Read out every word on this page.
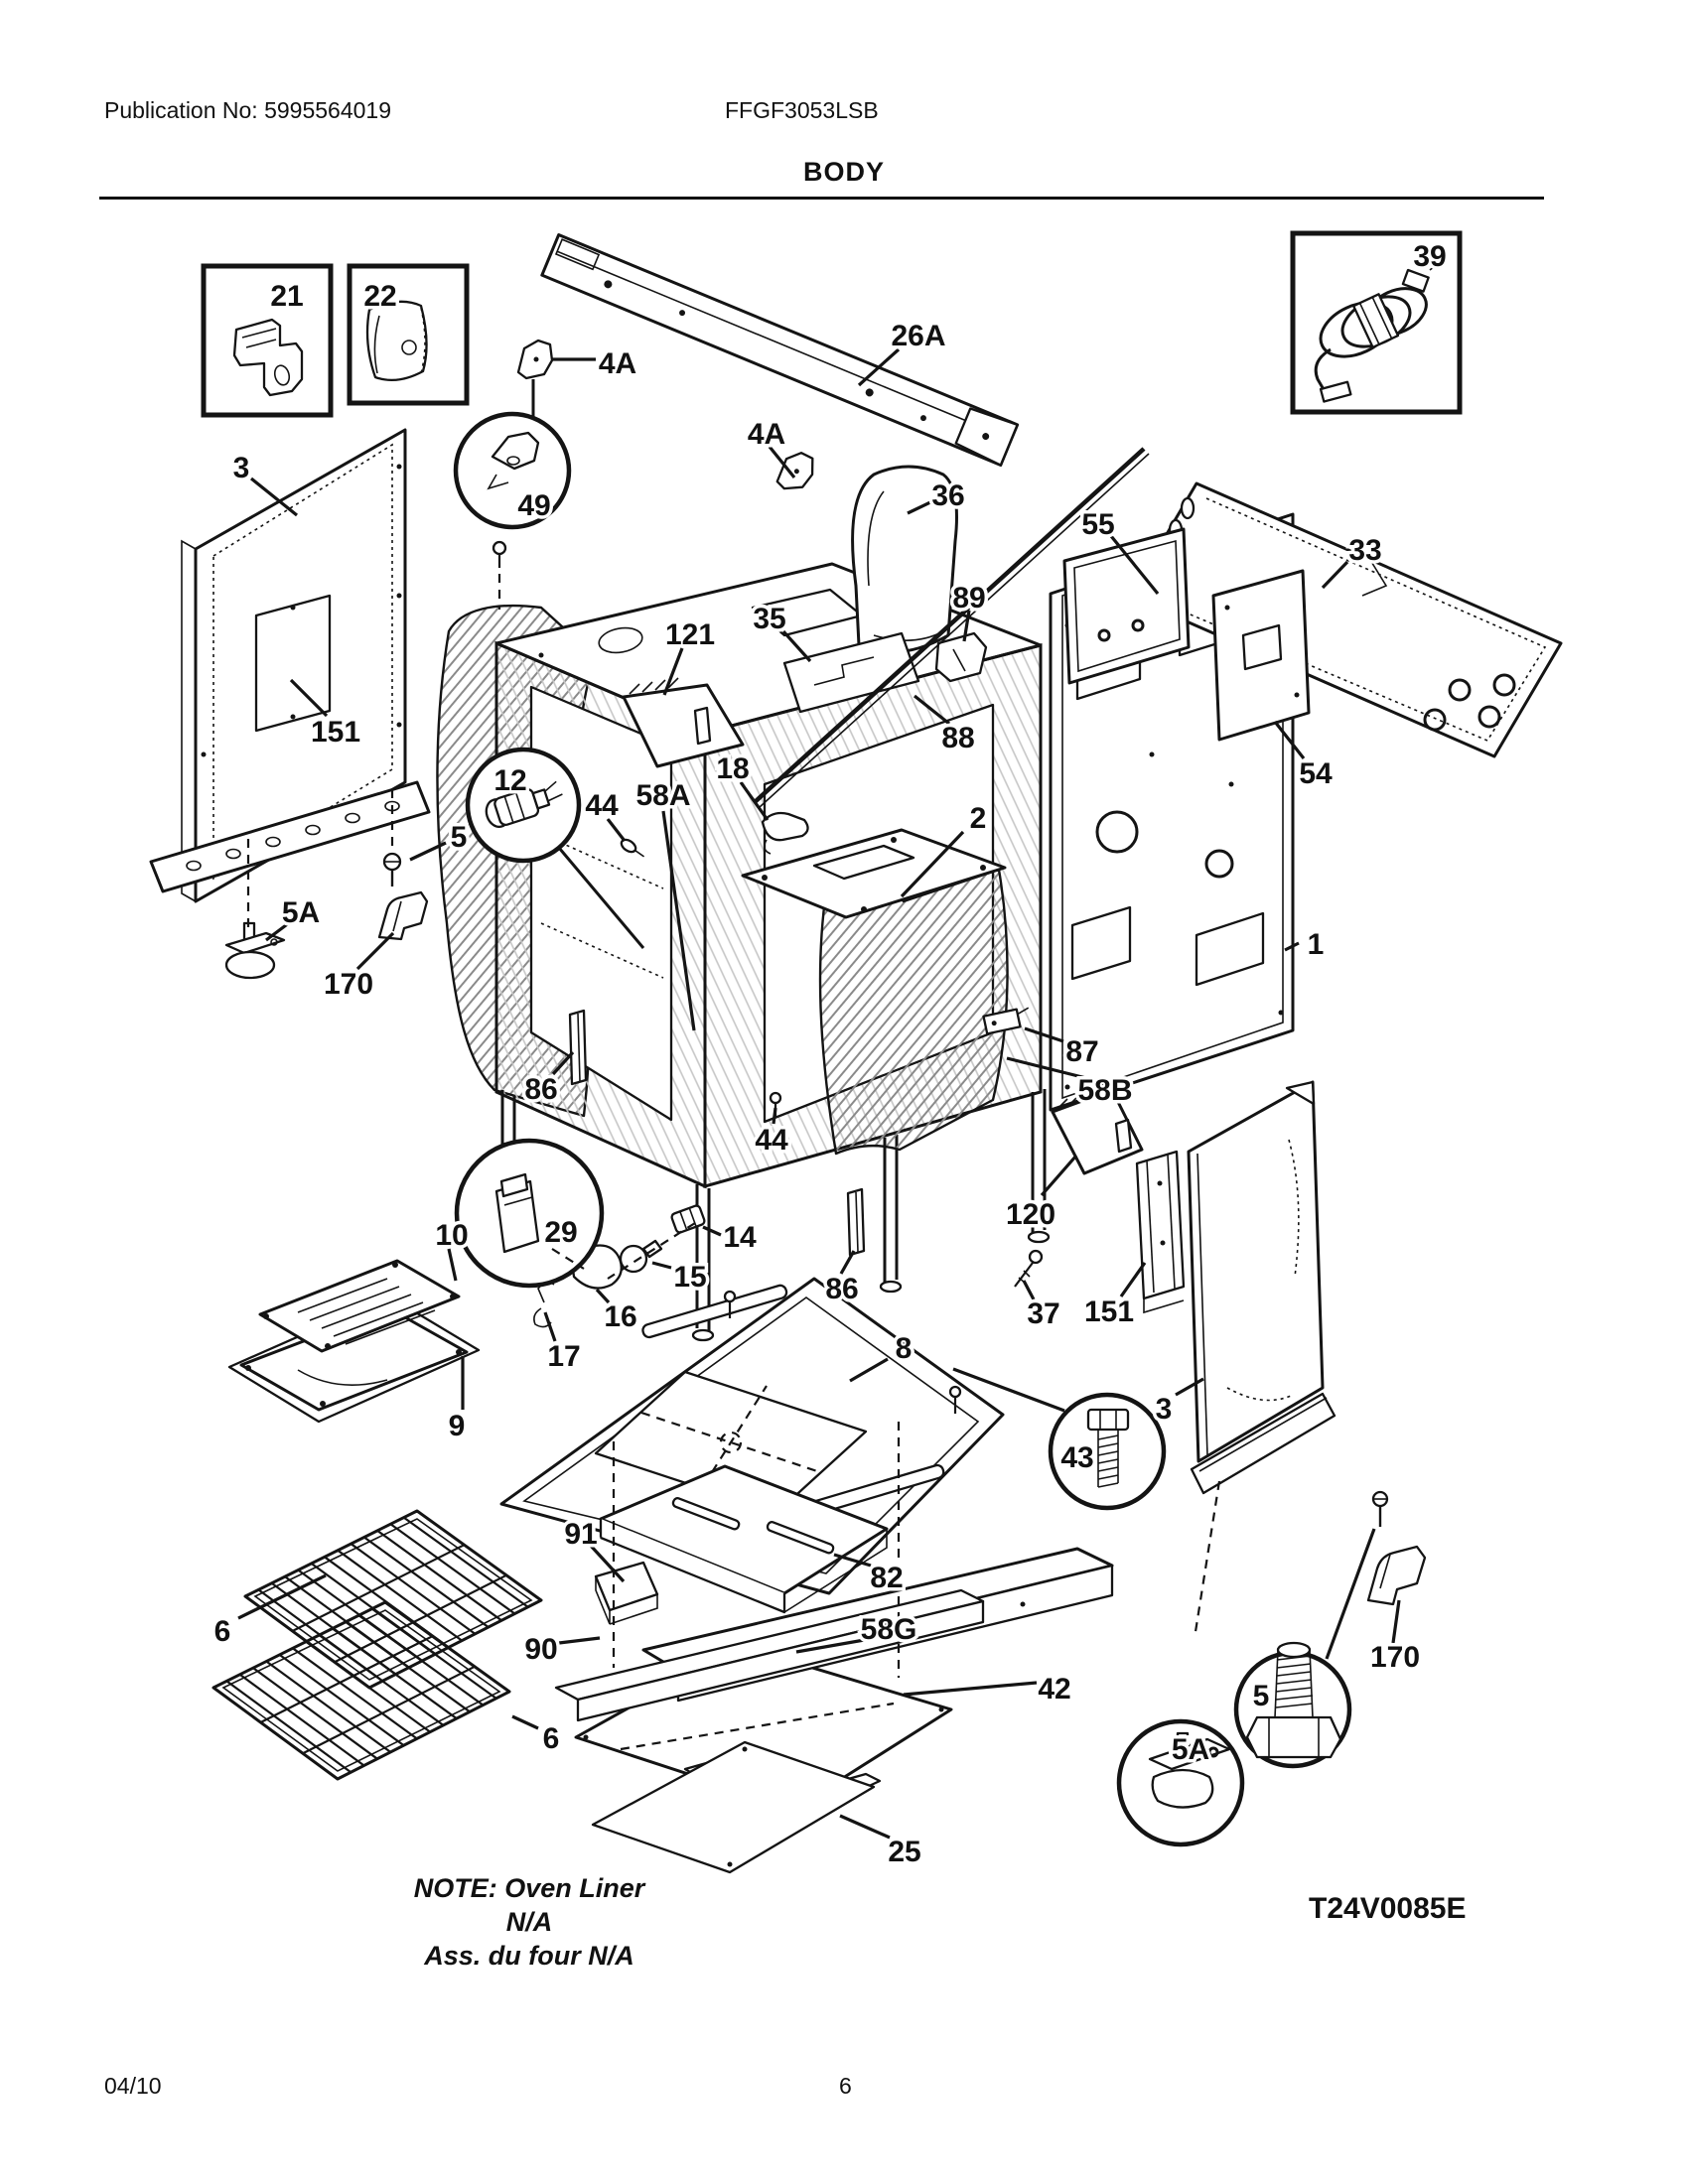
Publication No: 5995564019	FFGF3053LSB
BODY
21 22
39
26A
4A
4A
3
49	36
55
33
35
89
121
151	88
54
12	58A
44
18
2
5
5A
170
1
86
87
58B
44
120
10	29	14
15
16
17
86
37 151
9
8
3
43
6
91
82
90
58G
42
6
25
5
5A
170
NOTE: Oven Liner N/A
Ass. du four N/A
T24V0085E
04/10	6
